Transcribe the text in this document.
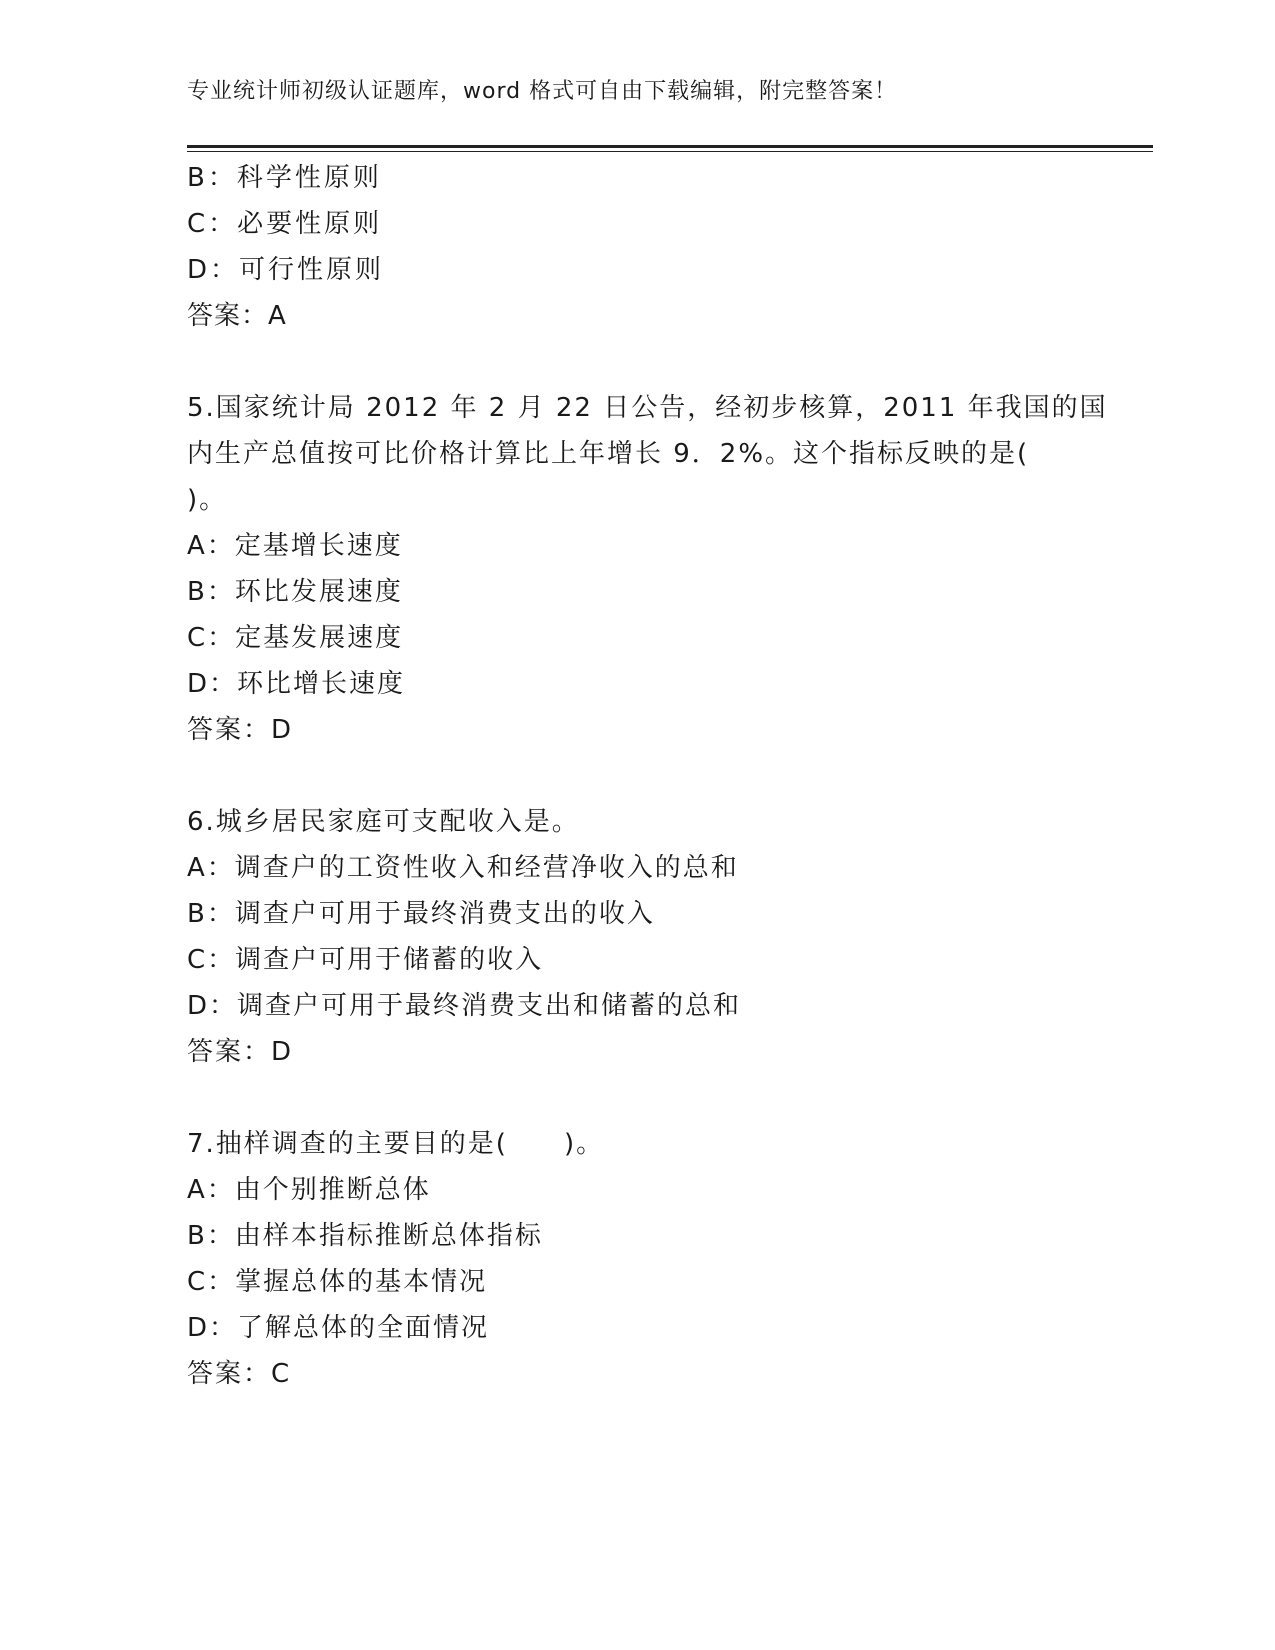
专业统计师初级认证题库，word 格式可自由下载编辑，附完整答案！
B：科学性原则
C：必要性原则
D：可行性原则
答案：A
5.国家统计局 2012 年 2 月 22 日公告，经初步核算，2011 年我国的国
内生产总值按可比价格计算比上年增长 9．2%。这个指标反映的是(
)。
A：定基增长速度
B：环比发展速度
C：定基发展速度
D：环比增长速度
答案：D
6.城乡居民家庭可支配收入是。
A：调查户的工资性收入和经营净收入的总和
B：调查户可用于最终消费支出的收入
C：调查户可用于储蓄的收入
D：调查户可用于最终消费支出和储蓄的总和
答案：D
7.抽样调查的主要目的是(　　)。
A：由个别推断总体
B：由样本指标推断总体指标
C：掌握总体的基本情况
D：了解总体的全面情况
答案：C
